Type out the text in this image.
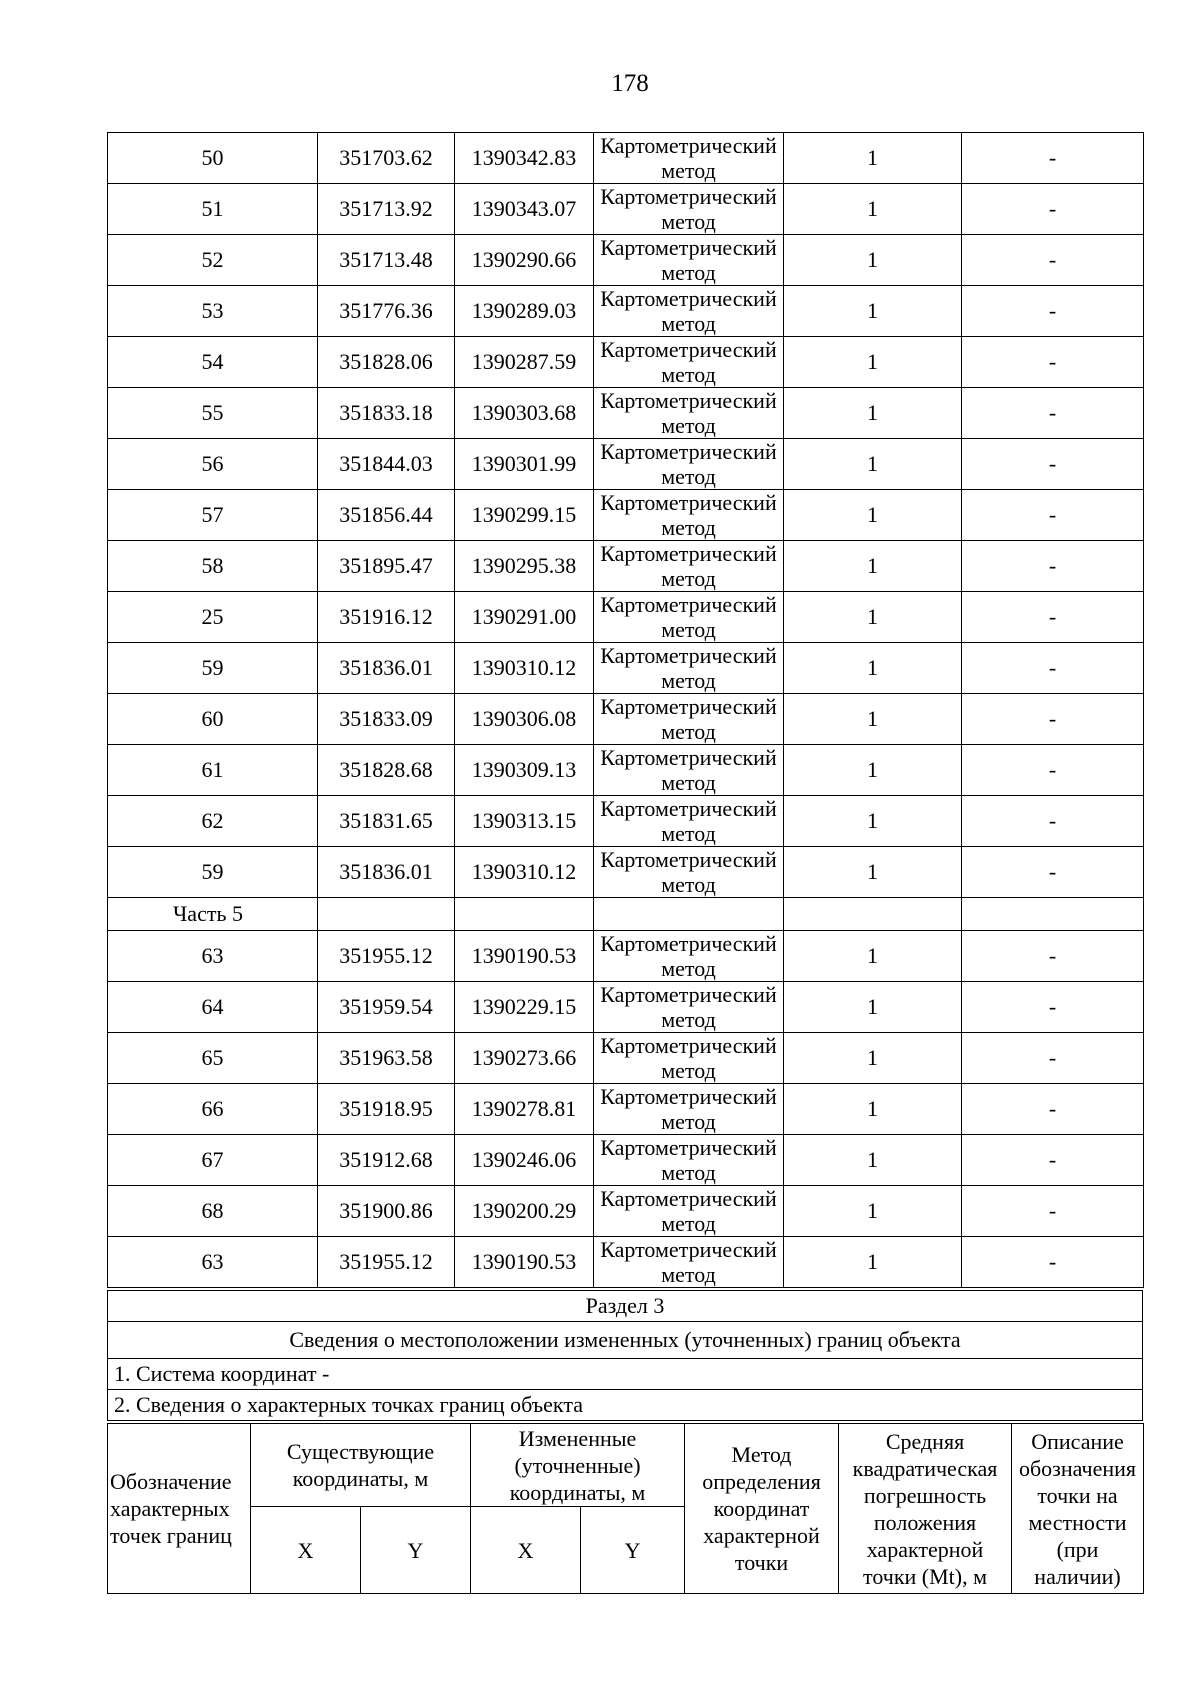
178
50	351703.62	1390342.83	Картометрический метод	1	-
51	351713.92	1390343.07	Картометрический метод	1	-
52	351713.48	1390290.66	Картометрический метод	1	-
53	351776.36	1390289.03	Картометрический метод	1	-
54	351828.06	1390287.59	Картометрический метод	1	-
55	351833.18	1390303.68	Картометрический метод	1	-
56	351844.03	1390301.99	Картометрический метод	1	-
57	351856.44	1390299.15	Картометрический метод	1	-
58	351895.47	1390295.38	Картометрический метод	1	-
25	351916.12	1390291.00	Картометрический метод	1	-
59	351836.01	1390310.12	Картометрический метод	1	-
60	351833.09	1390306.08	Картометрический метод	1	-
61	351828.68	1390309.13	Картометрический метод	1	-
62	351831.65	1390313.15	Картометрический метод	1	-
59	351836.01	1390310.12	Картометрический метод	1	-
Часть 5					
63	351955.12	1390190.53	Картометрический метод	1	-
64	351959.54	1390229.15	Картометрический метод	1	-
65	351963.58	1390273.66	Картометрический метод	1	-
66	351918.95	1390278.81	Картометрический метод	1	-
67	351912.68	1390246.06	Картометрический метод	1	-
68	351900.86	1390200.29	Картометрический метод	1	-
63	351955.12	1390190.53	Картометрический метод	1	-
Раздел 3
Сведения о местоположении измененных (уточненных) границ объекта
1. Система координат -
2. Сведения о характерных точках границ объекта
Обозначение характерных точек границ	Существующие координаты, м		Измененные (уточненные) координаты, м		Метод определения координат характерной точки	Средняя квадратическая погрешность положения характерной точки (Mt), м	Описание обозначения точки на местности (при наличии)
	X	Y	X	Y			
